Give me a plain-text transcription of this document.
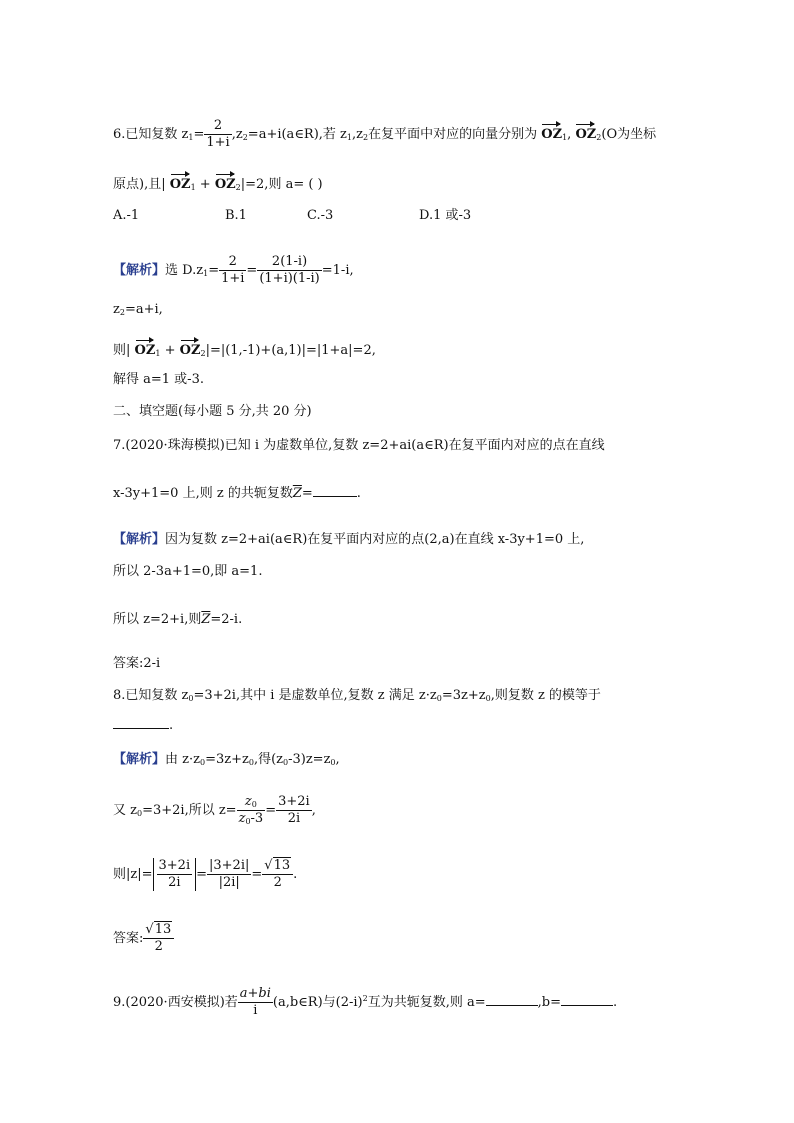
6.已知复数 $z_1= \frac{2}{1+i}$ $,z_2=a+i(a\in R)$,若 $z_1,z_2$在复平面中对应的向量分别为 $OZ_1$, $OZ_2(O$为坐标
原点),且| $OZ_1 + OZ_2|=2$,则 a= ( )
A.-1	B.1	C.-3	D.1 或-3
【解析】选 $D.z_1= \frac{2}{1+i} = \frac{2(1-i)}{(1+i)(1-i)} =1-i$,
$z_2=a+i$,
则| $OZ_1 + OZ_2|=|(1,-1)+(a,1)|=|1+a|=2$,
解得 a=1 或-3.
二、填空题(每小题 5 分,共 20 分)
7.(2020·珠海模拟)已知 i 为虚数单位,复数 z=2+ai(a∈R)在复平面内对应的点在直线
x-3y+1=0 上,则 z 的共轭复数$\overline{Z}=$	.
【解析】因为复数 z=2+ai(a∈R)在复平面内对应的点(2,a)在直线 x-3y+1=0 上,
所以 2-3a+1=0,即 a=1.
所以 z=2+i,则$\overline{Z}=2-i$.
答案:2-i
8.已知复数 $z_0=3+2i$,其中 i 是虚数单位,复数 z 满足 $z\cdot z_0=3z+z_0$,则复数 z 的模等于
.
【解析】由 $z\cdot z_0=3z+z_0$,得$(z_0-3)z=z_0$,
又 $z_0=3+2i$,所以 $z= \frac{z_0}{z_0-3} = \frac{3+2i}{2i}$ ,
则$|z|= \frac{3+2i}{2i} = \frac{|3+2i|}{|2i|} = \frac{√13}{2}$ .
答案: $\frac{√13}{2}$
9.(2020·西安模拟)若 $\frac{a+bi}{i}$ (a,b∈R)与$(2-i)^2$互为共轭复数,则 a=	,b=	.
